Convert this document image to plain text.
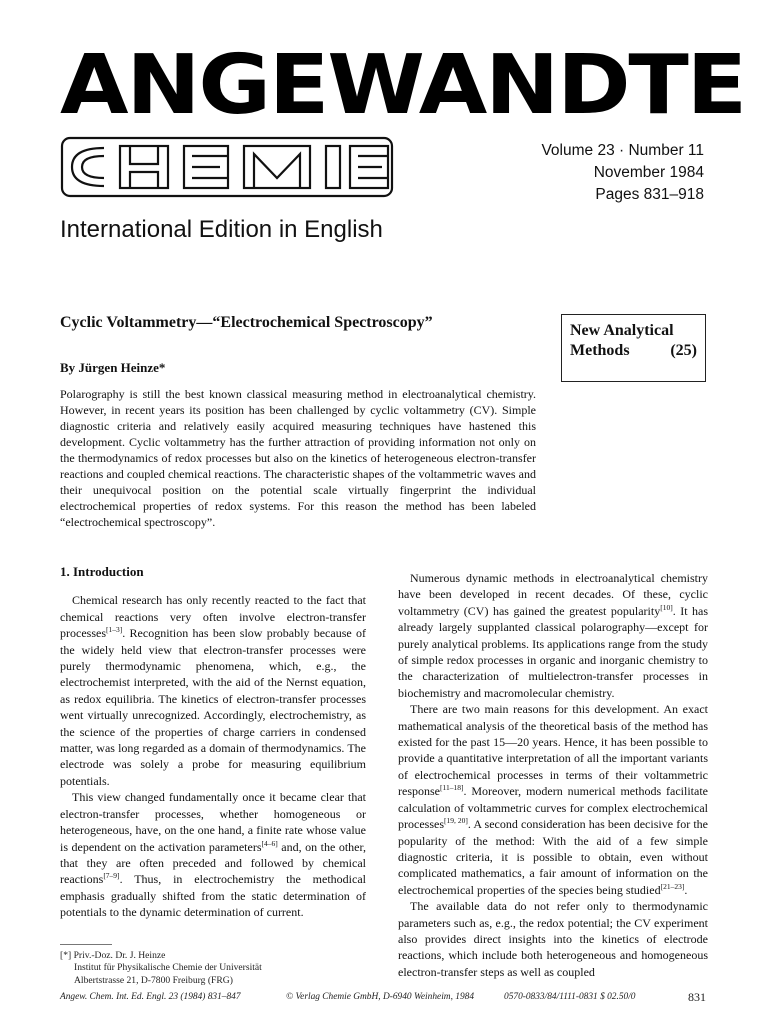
ANGEWANDTE
Volume 23 · Number 11
November 1984
Pages 831–918
International Edition in English
Cyclic Voltammetry—“Electrochemical Spectroscopy”
By Jürgen Heinze*
New Analytical
Methods	(25)

Polarography is still the best known classical measuring method in electroanalytical chemistry. However, in recent years its position has been challenged by cyclic voltammetry (CV). Simple diagnostic criteria and relatively easily acquired measuring techniques have hastened this development. Cyclic voltammetry has the further attraction of providing information not only on the thermodynamics of redox processes but also on the kinetics of heterogeneous electron-transfer reactions and coupled chemical reactions. The characteristic shapes of the voltammetric waves and their unequivocal position on the potential scale virtually fingerprint the individual electrochemical properties of redox systems. For this reason the method has been labeled “electrochemical spectroscopy”.

1. Introduction

Chemical research has only recently reacted to the fact that chemical reactions very often involve electron-transfer processes[1–3]. Recognition has been slow probably because of the widely held view that electron-transfer processes were purely thermodynamic phenomena, which, e.g., the electrochemist interpreted, with the aid of the Nernst equation, as redox equilibria. The kinetics of electron-transfer processes went virtually unrecognized. Accordingly, electrochemistry, as the science of the properties of charge carriers in condensed matter, was long regarded as a domain of thermodynamics. The electrode was solely a probe for measuring equilibrium potentials.

This view changed fundamentally once it became clear that electron-transfer processes, whether homogeneous or heterogeneous, have, on the one hand, a finite rate whose value is dependent on the activation parameters[4–6] and, on the other, that they are often preceded and followed by chemical reactions[7–9]. Thus, in electrochemistry the methodical emphasis gradually shifted from the static determination of potentials to the dynamic determination of current.

Numerous dynamic methods in electroanalytical chemistry have been developed in recent decades. Of these, cyclic voltammetry (CV) has gained the greatest popularity[10]. It has already largely supplanted classical polarography—except for purely analytical problems. Its applications range from the study of simple redox processes in organic and inorganic chemistry to the characterization of multielectron-transfer processes in biochemistry and macromolecular chemistry.

There are two main reasons for this development. An exact mathematical analysis of the theoretical basis of the method has existed for the past 15—20 years. Hence, it has been possible to provide a quantitative interpretation of all the important variants of electrochemical processes in terms of their voltammetric response[11–18]. Moreover, modern numerical methods facilitate calculation of voltammetric curves for complex electrochemical processes[19, 20]. A second consideration has been decisive for the popularity of the method: With the aid of a few simple diagnostic criteria, it is possible to obtain, even without complicated mathematics, a fair amount of information on the electrochemical properties of the species being studied[21–23].

The available data do not refer only to thermodynamic parameters such as, e.g., the redox potential; the CV experiment also provides direct insights into the kinetics of electrode reactions, which include both heterogeneous and homogeneous electron-transfer steps as well as coupled

[*] Priv.-Doz. Dr. J. Heinze
Institut für Physikalische Chemie der Universität
Albertstrasse 21, D-7800 Freiburg (FRG)
Angew. Chem. Int. Ed. Engl. 23 (1984) 831–847	© Verlag Chemie GmbH, D-6940 Weinheim, 1984	0570-0833/84/1111-0831 $ 02.50/0	831
